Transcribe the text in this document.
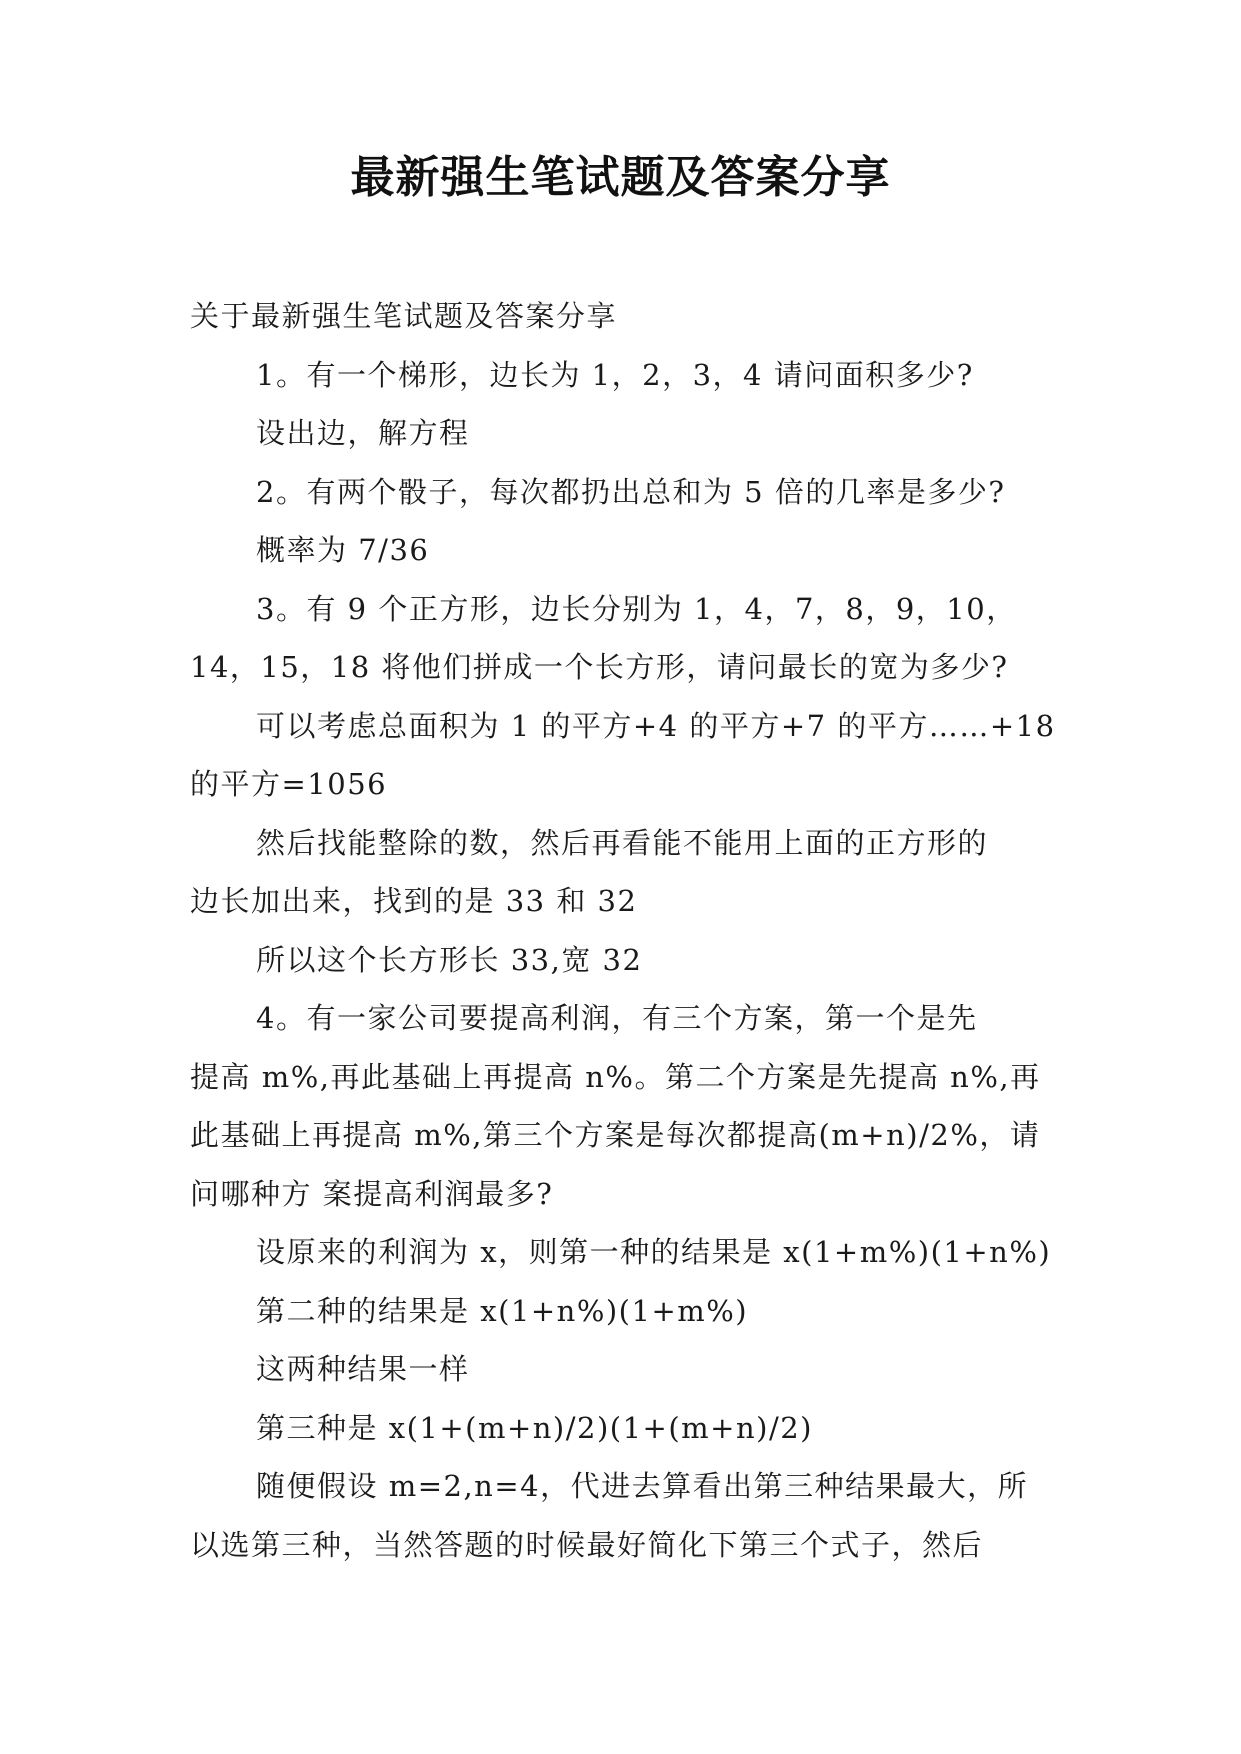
最新强生笔试题及答案分享

关于最新强生笔试题及答案分享

1。有一个梯形，边长为 1，2，3，4 请问面积多少?

设出边，解方程

2。有两个骰子，每次都扔出总和为 5 倍的几率是多少?

概率为 7/36

3。有 9 个正方形，边长分别为 1，4，7，8，9，10，

14，15，18 将他们拼成一个长方形，请问最长的宽为多少?

可以考虑总面积为 1 的平方+4 的平方+7 的平方……+18

的平方=1056

然后找能整除的数，然后再看能不能用上面的正方形的

边长加出来，找到的是 33 和 32

所以这个长方形长 33,宽 32

4。有一家公司要提高利润，有三个方案，第一个是先

提高 m%,再此基础上再提高 n%。第二个方案是先提高 n%,再

此基础上再提高 m%,第三个方案是每次都提高(m+n)/2%，请

问哪种方 案提高利润最多?

设原来的利润为 x，则第一种的结果是 x(1+m%)(1+n%)

第二种的结果是 x(1+n%)(1+m%)

这两种结果一样

第三种是 x(1+(m+n)/2)(1+(m+n)/2)

随便假设 m=2,n=4，代进去算看出第三种结果最大，所

以选第三种，当然答题的时候最好简化下第三个式子，然后
